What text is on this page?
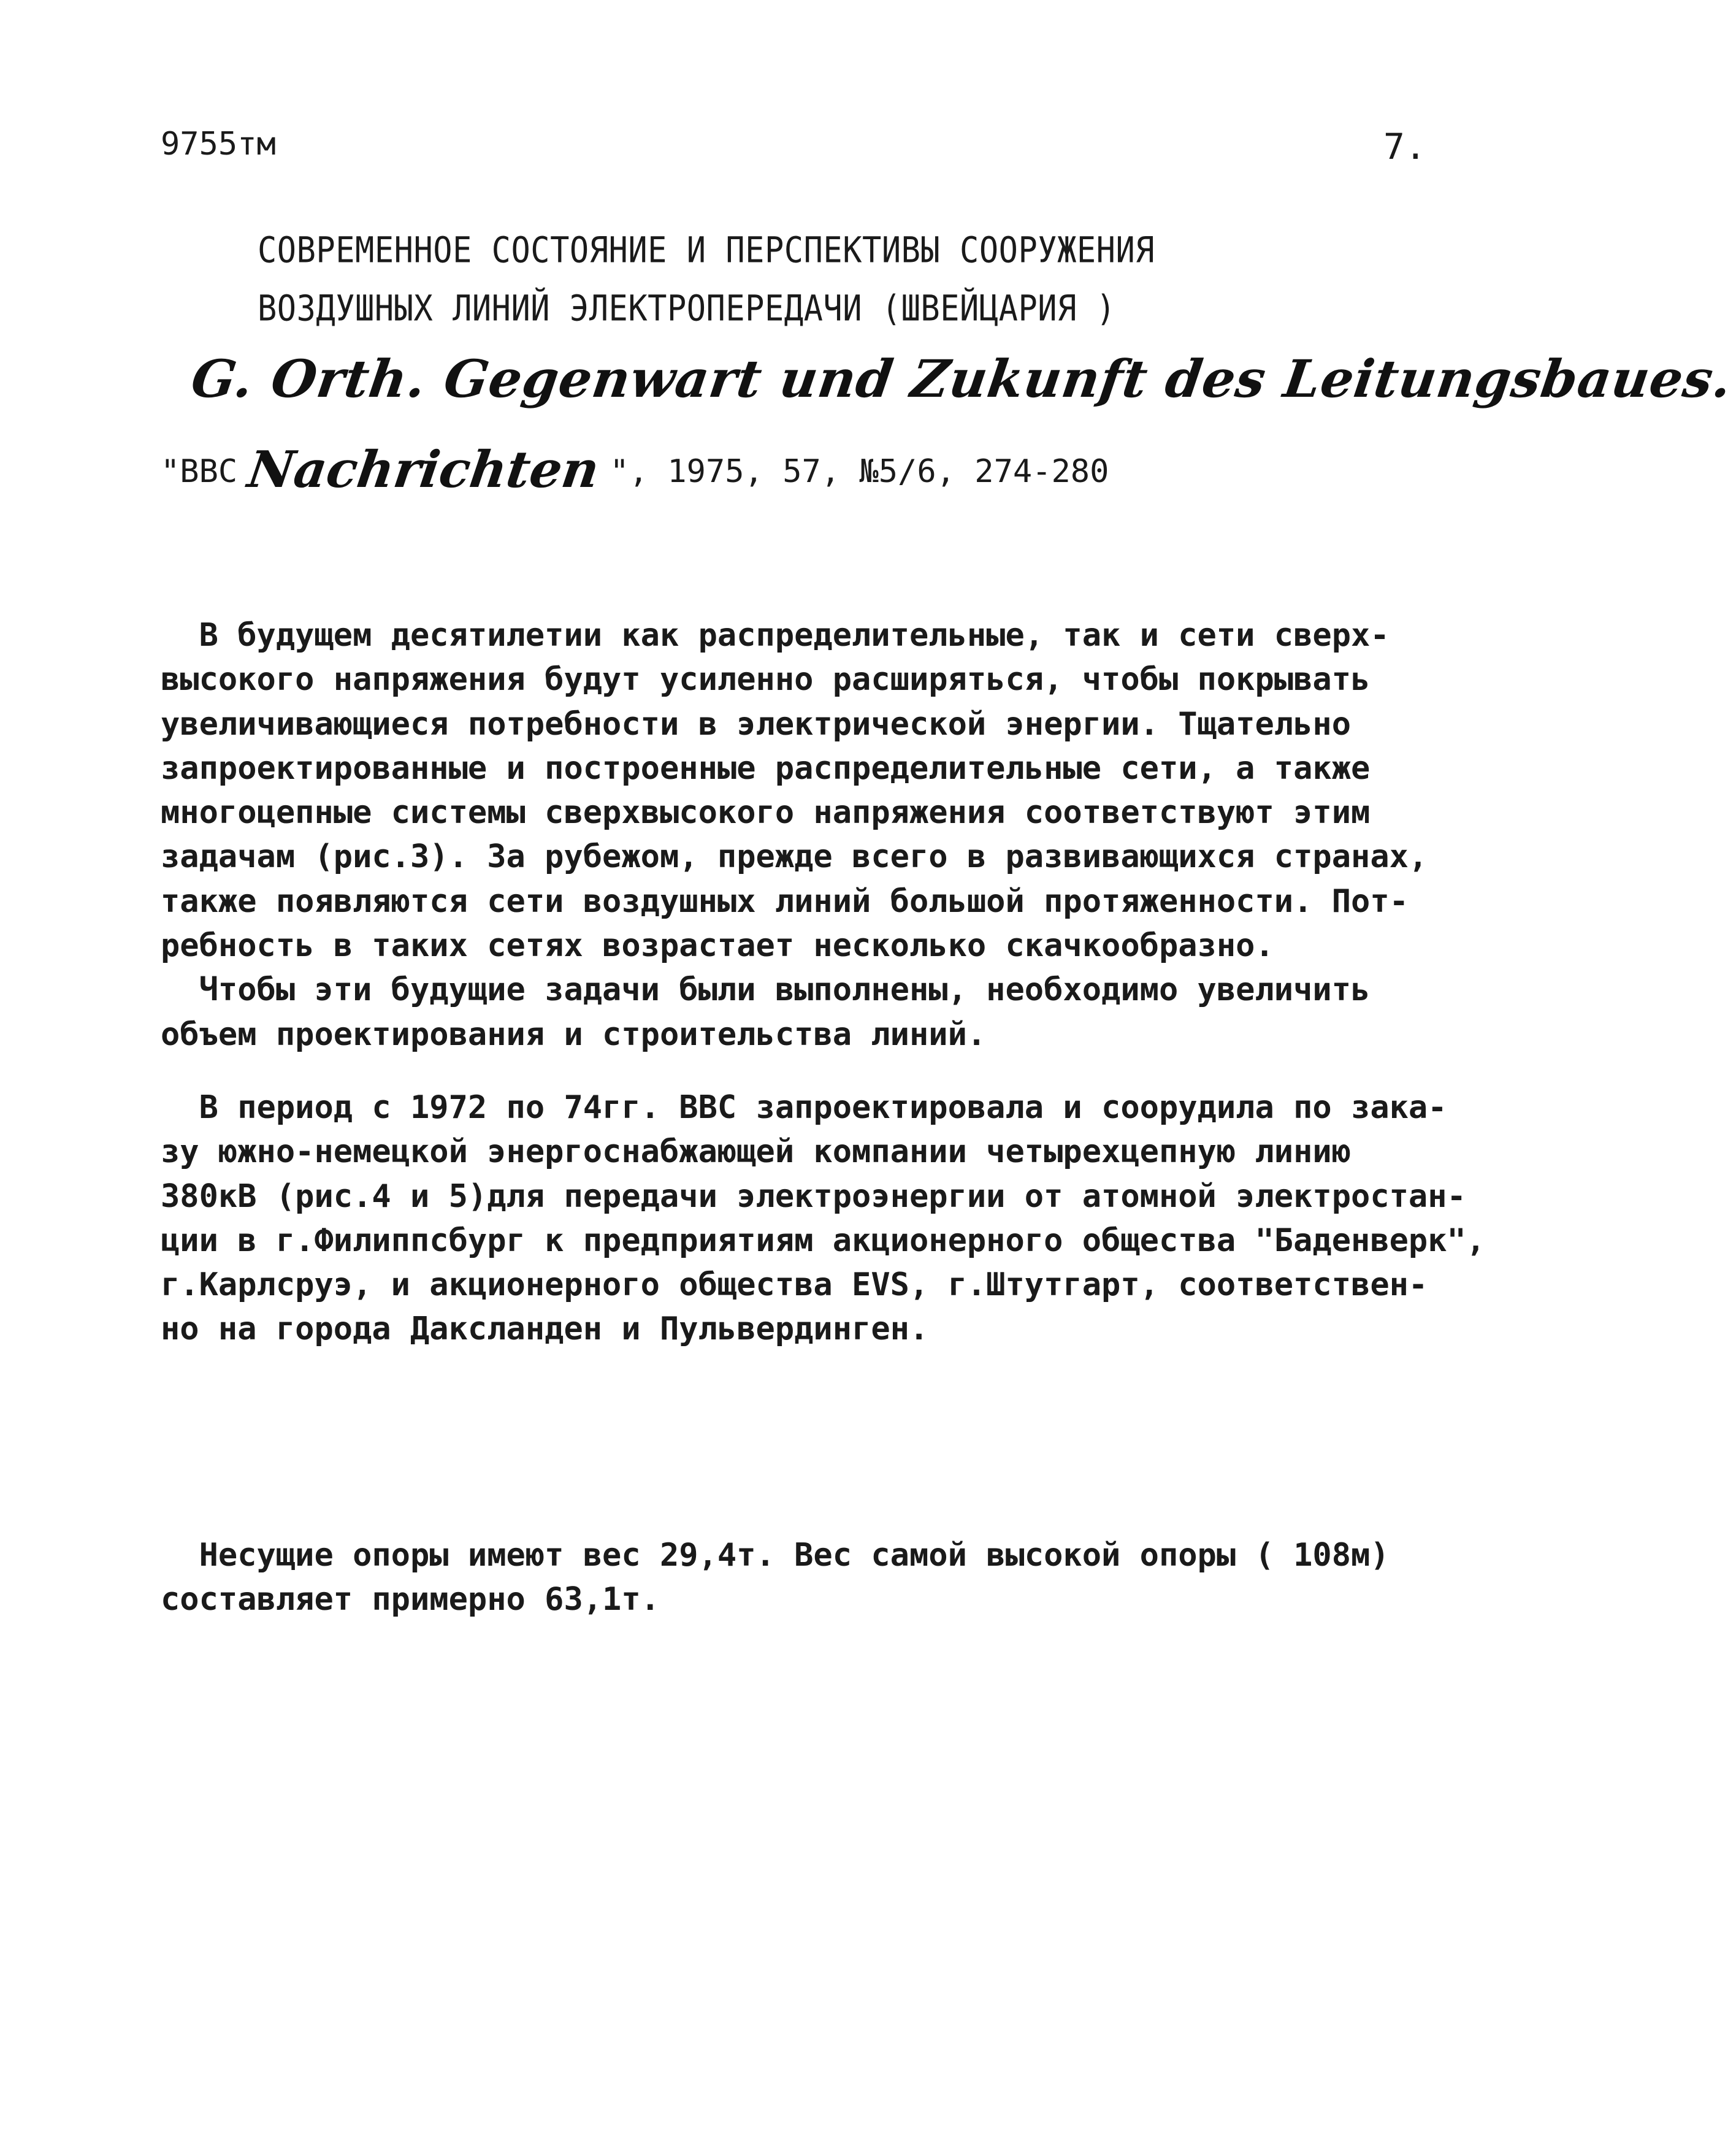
9755тм	7.
СОВРЕМЕННОЕ СОСТОЯНИЕ И ПЕРСПЕКТИВЫ СООРУЖЕНИЯ
ВОЗДУШНЫХ ЛИНИЙ ЭЛЕКТРОПЕРЕДАЧИ (ШВЕЙЦАРИЯ )
G. Orth. Gegenwart und Zukunft des Leitungsbaues.
"BBC Nachrichten ", 1975, 57, №5/6, 274-280
В будущем десятилетии как распределительные, так и сети сверх-
высокого напряжения будут усиленно расширяться, чтобы покрывать
увеличивающиеся потребности в электрической энергии. Тщательно
запроектированные и построенные распределительные сети, а также
многоцепные системы сверхвысокого напряжения соответствуют этим
задачам (рис.3). За рубежом, прежде всего в развивающихся странах,
также появляются сети воздушных линий большой протяженности. Пот-
ребность в таких сетях возрастает несколько скачкообразно.
Чтобы эти будущие задачи были выполнены, необходимо увеличить
объем проектирования и строительства линий.
В период с 1972 по 74гг. BBC запроектировала и соорудила по зака-
зу южно-немецкой энергоснабжающей компании четырехцепную линию
380кВ (рис.4 и 5)для передачи электроэнергии от атомной электростан-
ции в г.Филиппсбург к предприятиям акционерного общества "Баденверк",
г.Карлсруэ, и акционерного общества EVS, г.Штутгарт, соответствен-
но на города Даксланден и Пульвердинген.
Несущие опоры имеют вес 29,4т. Вес самой высокой опоры ( 108м)
составляет примерно 63,1т.
